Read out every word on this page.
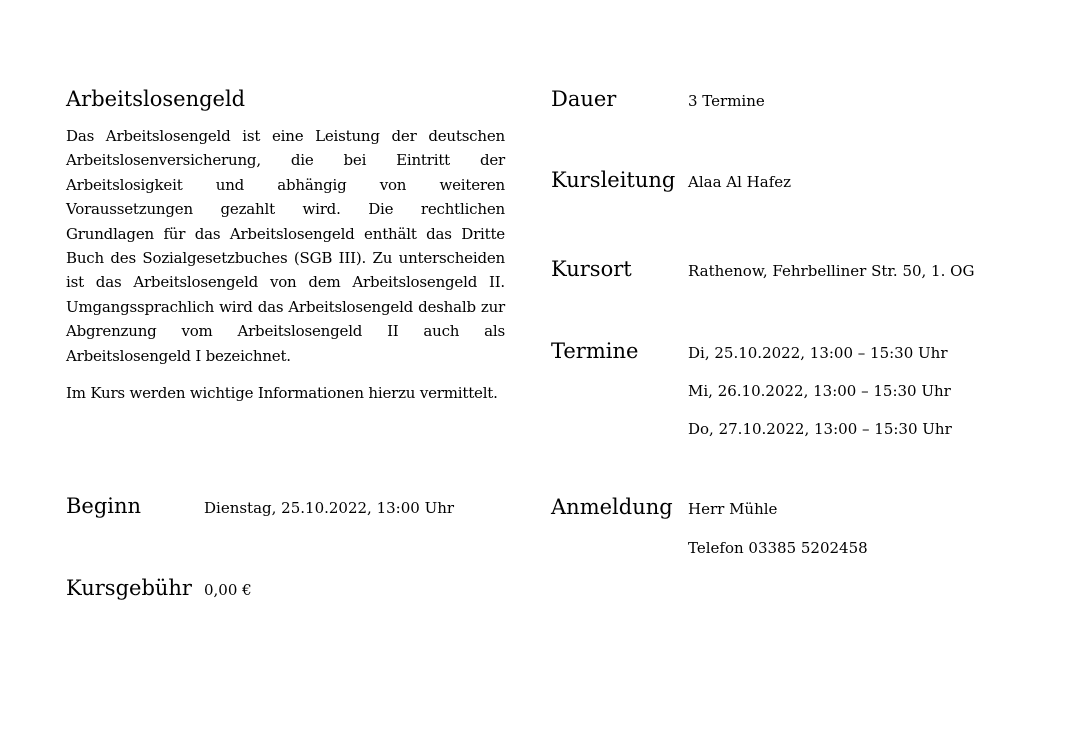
Arbeitslosengeld

Das Arbeitslosengeld ist eine Leistung der deutschen Arbeitslosenversicherung, die bei Eintritt der Arbeitslosigkeit und abhängig von weiteren Voraussetzungen gezahlt wird. Die rechtlichen Grundlagen für das Arbeitslosengeld enthält das Dritte Buch des Sozialgesetzbuches (SGB III). Zu unterscheiden ist das Arbeitslosengeld von dem Arbeitslosengeld II. Umgangssprachlich wird das Arbeitslosengeld deshalb zur Abgrenzung vom Arbeitslosengeld II auch als Arbeitslosengeld I bezeichnet.

Im Kurs werden wichtige Informationen hierzu vermittelt.

Beginn	Dienstag, 25.10.2022, 13:00 Uhr
Kursgebühr 0,00 €
Dauer	3 Termine
Kursleitung Alaa Al Hafez
Kursort	Rathenow, Fehrbelliner Str. 50, 1. OG
Termine	Di, 25.10.2022, 13:00 – 15:30 Uhr
Mi, 26.10.2022, 13:00 – 15:30 Uhr
Do, 27.10.2022, 13:00 – 15:30 Uhr
Anmeldung Herr Mühle
Telefon 03385 5202458
